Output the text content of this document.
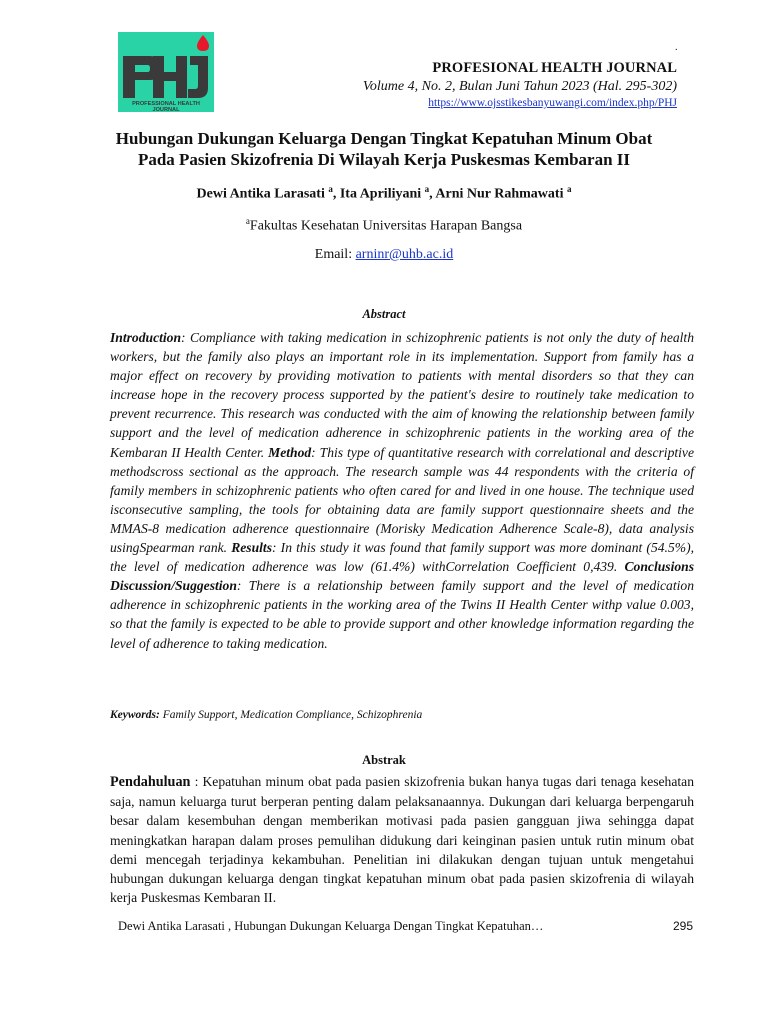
PROFESSIONAL HEALTH
JOURNAL
.
PROFESIONAL HEALTH JOURNAL
Volume 4, No. 2, Bulan Juni Tahun 2023 (Hal. 295-302)
https://www.ojsstikesbanyuwangi.com/index.php/PHJ
Hubungan Dukungan Keluarga Dengan Tingkat Kepatuhan Minum Obat
Pada Pasien Skizofrenia Di Wilayah Kerja Puskesmas Kembaran II
Dewi Antika Larasati $^a$, Ita Apriliyani $^a$, Arni Nur Rahmawati $^a$
$^a$Fakultas Kesehatan Universitas Harapan Bangsa
Email: arninr@uhb.ac.id
Abstract
Introduction: Compliance with taking medication in schizophrenic patients is not only the duty of health workers, but the family also plays an important role in its implementation. Support from family has a major effect on recovery by providing motivation to patients with mental disorders so that they can increase hope in the recovery process supported by the patient's desire to routinely take medication to prevent recurrence. This research was conducted with the aim of knowing the relationship between family support and the level of medication adherence in schizophrenic patients in the working area of the Kembaran II Health Center. Method: This type of quantitative research with correlational and descriptive methodscross sectional as the approach. The research sample was 44 respondents with the criteria of family members in schizophrenic patients who often cared for and lived in one house. The technique used isconsecutive sampling, the tools for obtaining data are family support questionnaire sheets and the MMAS-8 medication adherence questionnaire (Morisky Medication Adherence Scale-8), data analysis usingSpearman rank. Results: In this study it was found that family support was more dominant (54.5%), the level of medication adherence was low (61.4%) withCorrelation Coefficient 0,439. Conclusions Discussion/Suggestion: There is a relationship between family support and the level of medication adherence in schizophrenic patients in the working area of the Twins II Health Center withp value 0.003, so that the family is expected to be able to provide support and other knowledge information regarding the level of adherence to taking medication.
Keywords: Family Support, Medication Compliance, Schizophrenia
Abstrak
Pendahuluan : Kepatuhan minum obat pada pasien skizofrenia bukan hanya tugas dari tenaga kesehatan saja, namun keluarga turut berperan penting dalam pelaksanaannya. Dukungan dari keluarga berpengaruh besar dalam kesembuhan dengan memberikan motivasi pada pasien gangguan jiwa sehingga dapat meningkatkan harapan dalam proses pemulihan didukung dari keinginan pasien untuk rutin minum obat demi mencegah terjadinya kekambuhan. Penelitian ini dilakukan dengan tujuan untuk mengetahui hubungan dukungan keluarga dengan tingkat kepatuhan minum obat pada pasien skizofrenia di wilayah kerja Puskesmas Kembaran II.
Dewi Antika Larasati , Hubungan Dukungan Keluarga Dengan Tingkat Kepatuhan…	295
